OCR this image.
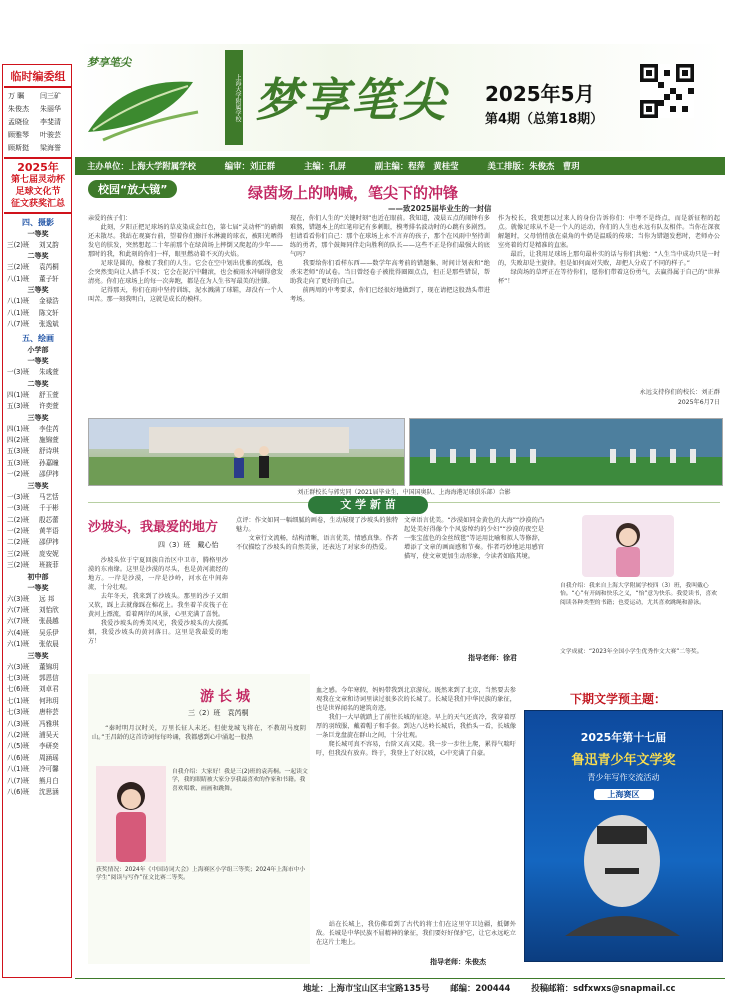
临时编委组
万 瞩	闫三矿
朱俊杰	朱丽华
孟晓俭	李斐清
顾雅琴	叶骏芸
顾斯挺	梁海誉
2025年
第七届灵动杯
足球文化节
征文获奖汇总
四、摄影
一等奖
三(2)班	刘又韵
二等奖
三(2)班	袁芮桐
八(1)班	董子轩
三等奖
八(1)班	金禄浩
八(1)班	陈文轩
八(7)班	张逸斌
五、绘画
小学部
一等奖
一(3)班	朱彧萱
二等奖
四(1)班	舒玉萱
五(3)班	许奕萱
三等奖
四(1)班	李佳芮
四(2)班	施锦萱
五(3)班	舒诗琪
五(3)班	孙嘉瞳
一(2)班	邵伊祎
三等奖
一(3)班	马艺恬
一(3)班	千于彬
二(2)班	殷芯蕾
一(2)班	黄芊语
二(2)班	邵伊祎
三(2)班	庞安妮
三(2)班	班筱菲
初中部
一等奖
六(3)班	远 邦
六(7)班	刘怡欣
六(7)班	张晨越
六(4)班	吴乐伊
六(1)班	张依晨
三等奖
六(3)班	董锦玥
七(3)班	郭恩信
七(6)班	刘卓君
七(1)班	何玮玥
七(3)班	唐梓芸
八(3)班	冯雅琪
八(2)班	浦吴天
八(5)班	李研奕
八(6)班	周涵瑶
八(1)班	冷可馨
八(7)班	熊月白
八(6)班	沈思涵
梦享笔尖
上海大学附属学校 梦享笔尖 2025年5月
第4期（总第18期）
主办单位：上海大学附属学校	编审：刘正群	主编：孔屏	副主编：程萍　黄桂莹	美工排版：朱俊杰　曹玥
校园“放大镜”	绿茵场上的呐喊，笔尖下的冲锋
——致2025届毕业生的一封信
亲爱的孩子们：
　　此刻，夕阳正把足球场的草皮染成金红色，第七届“灵动杯”的硝烟还未散尽。我站在观赛台前，望着你们擦汗水淋漉的球衣，被阳光晒得发皂的肤发，突然想起二十年前那个在绿茵场上摔倒又爬起的少年——那时的我，和此刻的你们一样，眼里燃动着不灭的火焰。
　　足球是圆的，像极了我们的人生。它会在空中划出优雅的弧线，也会突然变向让人措手不及；它会在泥泞中翻滚，也会被雨水冲刷得愈发清亮。你们在球场上的每一次奔跑，都是在为人生书写最美的注脚。
　　记得那天，你们在雨中坚持训练，泥水溅满了球鞋，却没有一个人叫苦。那一刻我明白，这就是成长的模样。
现在，你们人生的“关键时刻”也近在眼前。我知道，凌晨五点的闹钟有多难熬，错题本上的红笔印记有多刺眼，模考排名波动时的心跳有多剧烈。但请看看你们自己：那个在球场上永不言弃的孩子，那个在风雨中坚持训练的勇者，那个鼓舞同伴走向胜利的队长——这些不正是你们最强大的底气吗？
　　我要给你们看样东西——数学年高考前的错题集、时间计划表和“绝杀宋老师”的试卷。当日曾经卷子被批得圈圈点点，但正是那些错误，帮助我走向了更好的自己。
　　前两周的中考要求，你们已经很好地做到了，现在请把这股劲头带进考场。
作为校长，我更想以过来人的身份告诉你们：中考不是终点，而是新征程的起点。就像足球从不是一个人的运动，你们的人生也永远有队友相伴。当你在深夜解题时，父母悄悄放在桌角的牛奶是温暖的传球；当你为错题发愁时，老师办公室亮着的灯是精准的直塞。
　　最后，让我用足球场上那句最朴实的话与你们共勉：“人生当中成功只是一时的，失败却是主旋律。但是如何面对失败，却把人分成了不同的样子。”
　　绿茵场的草坪正在等待你们，愿你们带着这份勇气，去赢得属于自己的“世界杯”！
永远支持你们的校长：刘正群
2025年6月7日
刘正群校长与郭宪同（2021届毕业生，中国国奥队、上海海港足球俱乐部）合影
文 学 新 苗
沙坡头，我最爱的地方
四（3）班　戴心怡
　　沙坡头位于宁夏回族自治区中卫市，腾格里沙漠的东南缘。这里是沙漠的尽头，也是黄河流经的地方。一岸是沙漠，一岸是沙岭，河水在中间奔流，十分壮观。
　　去年冬天，我来到了沙坡头。那里的沙子又细又软，踩上去就像踩在棉花上。我坐着羊皮筏子在黄河上漂流，看着两岸的风景，心里充满了喜悦。
　　我爱沙坡头的秀美风光，我爱沙坡头的大漠孤烟，我爱沙坡头的黄河落日。这里是我最爱的地方！
点评：作文如同一幅细腻的画卷，生动展现了沙坡头的独特魅力。
　　文章行文流畅，结构清晰，语言优美，情感真挚。作者不仅描绘了沙坡头的自然美景，还表达了对家乡的热爱。
文章语言优美。“沙漠如同金黄色的大海”“沙漠的凸起处美好得像个个风姿绰约的少妇”“沙漠的夜空是一张宝蓝色的金丝绒毯”等运用比喻和拟人等修辞，增添了文章的画面感和节奏。作者巧妙地运用感官描写，使文章更加生动形象，令读者如临其境。
指导老师：徐君
自我介绍：我来自上海大学附属学校四（3）班，我叫戴心怡。“心”有开阔和快乐之义，“怡”意为快乐。我爱读书，喜欢阅读各种类型的书籍；也爱运动，尤其喜欢跳绳和游泳。
文学成就：“2023年全国小学生优秀作文大赛”二等奖。
游长城
三（2）班　袁芮桐
　　“秦时明月汉时关，万里长征人未还。但使龙城飞将在，不教胡马度阴山。”王昌龄的这首诗词每每吟诵，我都感到心中涌起一股热
自我介绍：大家好！我是三(2)班的袁芮桐。一起读文学，我的眼睛被大家分享我最喜欢的作家和书籍。我喜欢唱歌、画画和跳舞。
获奖情况：2024年《中国诗词大会》上海赛区小学组三等奖；2024年上海市中小学生“阅读与写作”征文比赛二等奖。
血之感。今年寒假，妈妈带我到北京游玩。既然来到了北京，当然要去参观我在文章和诗词里读过很多次的长城了。长城是我们中华民族的象征，也是世界闻名的建筑奇迹。
　　我们一大早就踏上了前往长城的征途。早上的天气还真冷，我穿着厚厚的羽绒服，戴着帽子和手套。到达八达岭长城后，我抬头一看，长城像一条巨龙盘旋在群山之间，十分壮观。
　　爬长城可真不容易，台阶又高又陡。我一步一步往上爬，累得气喘吁吁，但我没有放弃。终于，我登上了好汉坡，心中充满了自豪。
　　站在长城上，我仿佛看到了古代的将士们在这里守卫边疆，抵御外敌。长城是中华民族不屈精神的象征，我们要好好保护它，让它永远屹立在这片土地上。
指导老师：朱俊杰
下期文学预主题：
2025年第十七届
鲁迅青少年文学奖
青少年写作交流活动
上海赛区
地址：上海市宝山区丰宝路135号 邮编：200444 投稿邮箱：sdfxwxs@snapmail.cc
